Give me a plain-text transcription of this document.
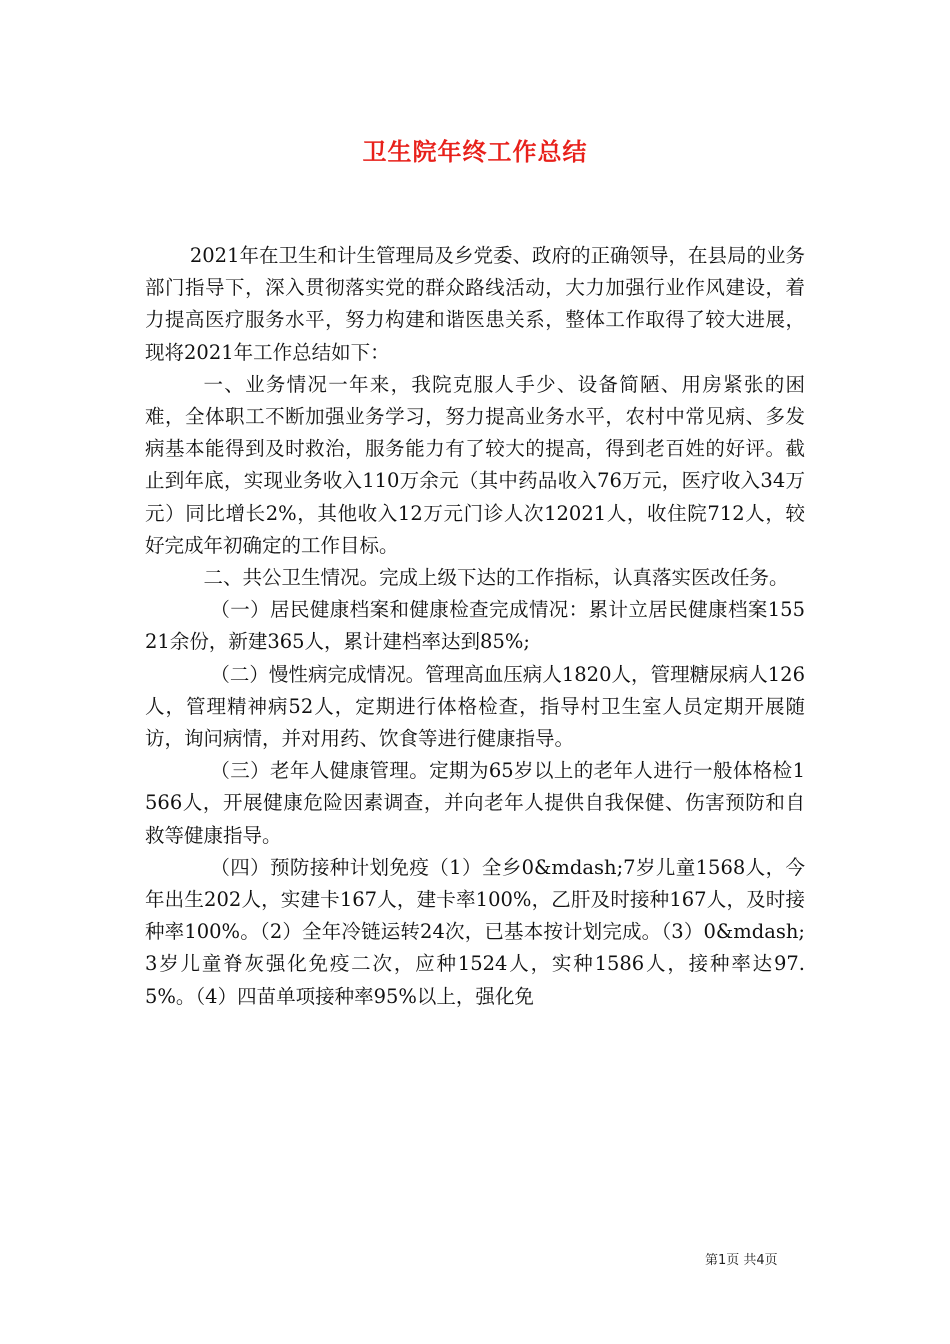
卫生院年终工作总结

2021年在卫生和计生管理局及乡党委、政府的正确领导，在县局的业务部门指导下，深入贯彻落实党的群众路线活动，大力加强行业作风建设，着力提高医疗服务水平，努力构建和谐医患关系，整体工作取得了较大进展，现将2021年工作总结如下：

一、业务情况一年来，我院克服人手少、设备简陋、用房紧张的困难，全体职工不断加强业务学习，努力提高业务水平，农村中常见病、多发病基本能得到及时救治，服务能力有了较大的提高，得到老百姓的好评。截止到年底，实现业务收入110万余元（其中药品收入76万元，医疗收入34万元）同比增长2%，其他收入12万元门诊人次12021人，收住院712人，较好完成年初确定的工作目标。

二、共公卫生情况。完成上级下达的工作指标，认真落实医改任务。

（一）居民健康档案和健康检查完成情况：累计立居民健康档案15521余份，新建365人，累计建档率达到85%;

（二）慢性病完成情况。管理高血压病人1820人，管理糖尿病人126人，管理精神病52人，定期进行体格检查，指导村卫生室人员定期开展随访，询问病情，并对用药、饮食等进行健康指导。

（三）老年人健康管理。定期为65岁以上的老年人进行一般体格检1566人，开展健康危险因素调查，并向老年人提供自我保健、伤害预防和自救等健康指导。

（四）预防接种计划免疫（1）全乡0&mdash;7岁儿童1568人，今年出生202人，实建卡167人，建卡率100%，乙肝及时接种167人，及时接种率100%。（2）全年冷链运转24次，已基本按计划完成。（3）0&mdash;3岁儿童脊灰强化免疫二次，应种1524人，实种1586人，接种率达97.5%。（4）四苗单项接种率95%以上，强化免

第1页 共4页
